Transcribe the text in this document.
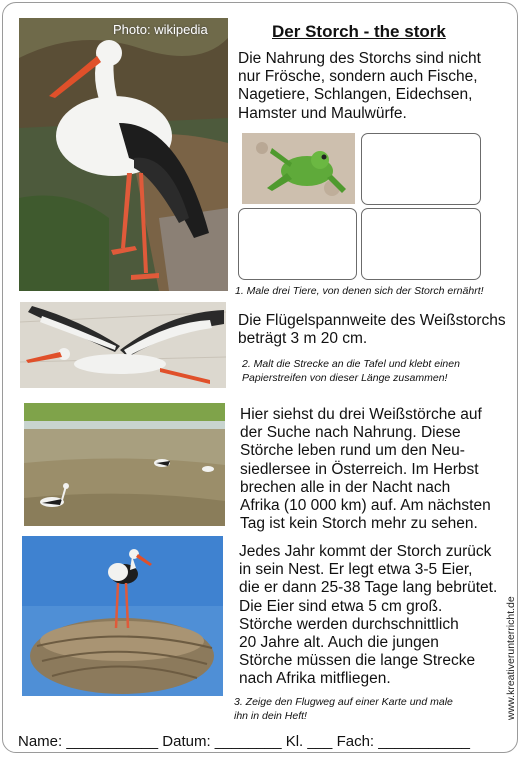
Photo: wikipedia	Der Storch - the stork
Die Nahrung des Storchs sind nicht
nur Frösche, sondern auch Fische,
Nagetiere, Schlangen, Eidechsen,
Hamster und Maulwürfe.
1. Male drei Tiere, von denen sich der Storch ernährt!
Die Flügelspannweite des Weißstorchs
beträgt 3 m 20 cm.
2. Malt die Strecke an die Tafel und klebt einen
Papierstreifen von dieser Länge zusammen!
Hier siehst du drei Weißstörche auf
der Suche nach Nahrung. Diese
Störche leben rund um den Neu-
siedlersee in Österreich. Im Herbst
brechen alle in der Nacht nach
Afrika (10 000 km) auf. Am nächsten
Tag ist kein Storch mehr zu sehen.
Jedes Jahr kommt der Storch zurück
in sein Nest. Er legt etwa 3-5 Eier,
die er dann 25-38 Tage lang bebrütet.
Die Eier sind etwa 5 cm groß.
Störche werden durchschnittlich
20 Jahre alt. Auch die jungen
Störche müssen die lange Strecke
nach Afrika mitfliegen.
3. Zeige den Flugweg auf einer Karte und male
ihn in dein Heft!
Name: ___________ Datum: ________ Kl. ___ Fach: ___________
www.kreativerunterricht.de
